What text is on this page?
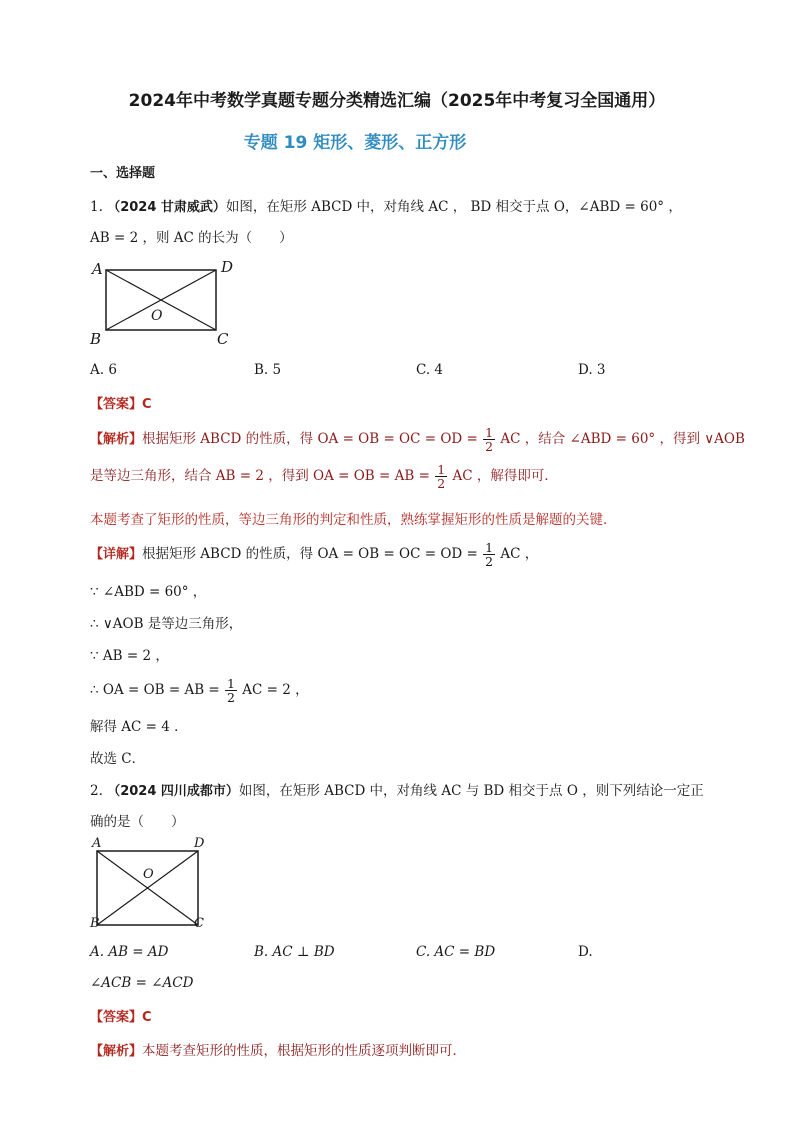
2024年中考数学真题专题分类精选汇编（2025年中考复习全国通用）
专题 19 矩形、菱形、正方形
一、选择题
1. （2024 甘肃威武）如图，在矩形 ABCD 中，对角线 AC ， BD 相交于点 O，∠ABD = 60° ，
AB = 2 ，则 AC 的长为（　　）
A	D
B	C
O
A. 6	B. 5	C. 4	D. 3
【答案】C
【解析】根据矩形 ABCD 的性质，得 OA = OB = OC = OD = $\frac{1}{2}$ AC ，结合 ∠ABD = 60° ，得到 ∨AOB
是等边三角形，结合 AB = 2 ，得到 OA = OB = AB = $\frac{1}{2}$ AC ，解得即可．
本题考查了矩形的性质，等边三角形的判定和性质，熟练掌握矩形的性质是解题的关键．
【详解】根据矩形 ABCD 的性质，得 OA = OB = OC = OD = $\frac{1}{2}$ AC ，
∵ ∠ABD = 60° ，
∴ ∨AOB 是等边三角形，
∵ AB = 2 ，
∴ OA = OB = AB = $\frac{1}{2}$ AC = 2 ，
解得 AC = 4 ．
故选 C．
2. （2024 四川成都市）如图，在矩形 ABCD 中，对角线 AC 与 BD 相交于点 O ，则下列结论一定正
确的是（　　）
A	D
B	C
O
A. AB = AD	B. AC ⊥ BD	C. AC = BD	D.
∠ACB = ∠ACD
【答案】C
【解析】本题考查矩形的性质，根据矩形的性质逐项判断即可．
